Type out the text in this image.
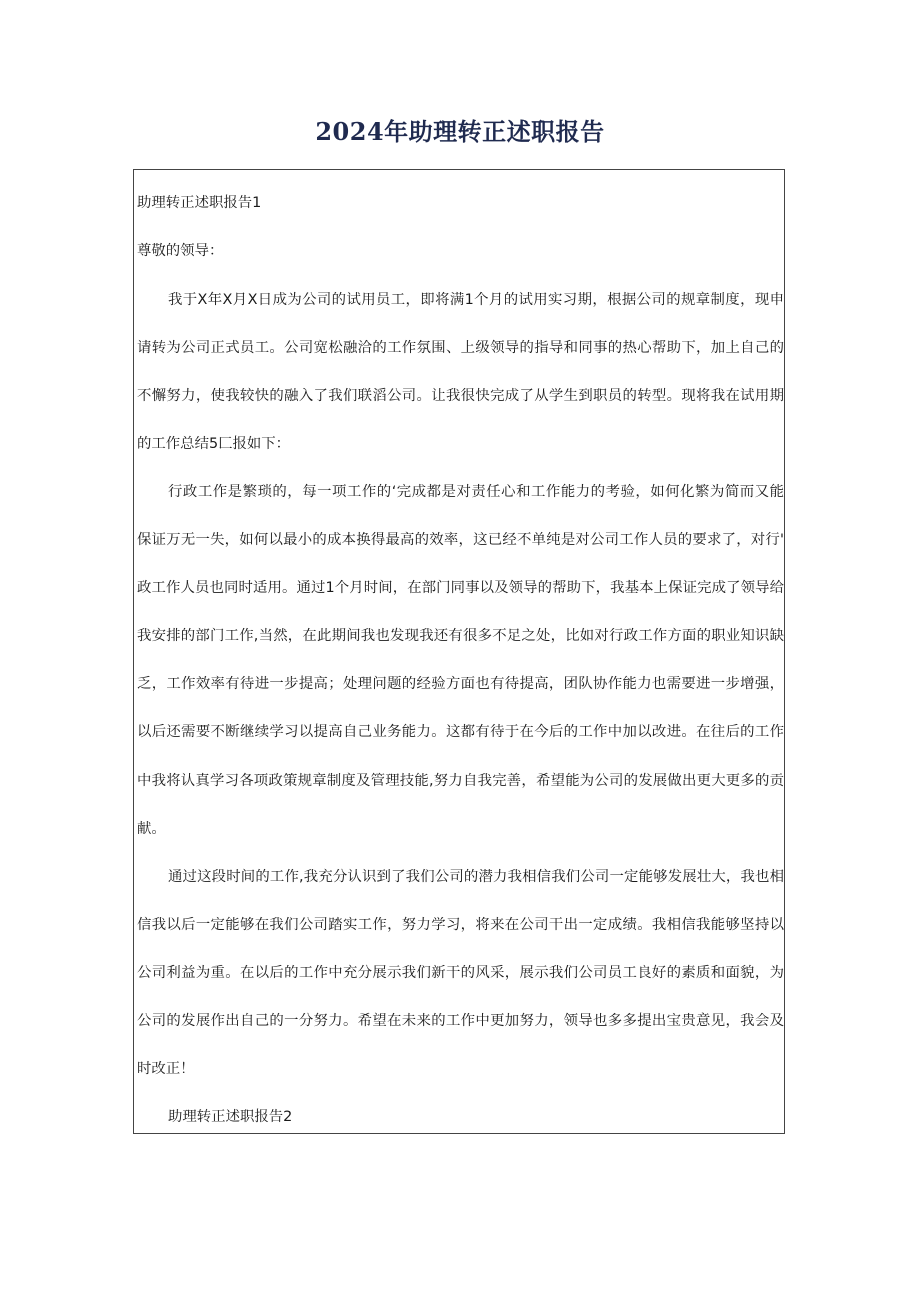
2024年助理转正述职报告
助理转正述职报告1
尊敬的领导：
我于X年X月X日成为公司的试用员工，即将满1个月的试用实习期，根据公司的规章制度，现申
请转为公司正式员工。公司宽松融洽的工作氛围、上级领导的指导和同事的热心帮助下，加上自己的
不懈努力，使我较快的融入了我们联滔公司。让我很快完成了从学生到职员的转型。现将我在试用期
的工作总结5匚报如下：
行政工作是繁琐的，每一项工作的‘完成都是对责任心和工作能力的考验，如何化繁为简而又能
保证万无一失，如何以最小的成本换得最高的效率，这已经不单纯是对公司工作人员的要求了，对行'
政工作人员也同时适用。通过1个月时间，在部门同事以及领导的帮助下，我基本上保证完成了领导给
我安排的部门工作,当然，在此期间我也发现我还有很多不足之处，比如对行政工作方面的职业知识缺
乏，工作效率有待进一步提高；处理问题的经验方面也有待提高，团队协作能力也需要进一步增强，
以后还需要不断继续学习以提高自己业务能力。这都有待于在今后的工作中加以改进。在往后的工作
中我将认真学习各项政策规章制度及管理技能,努力自我完善，希望能为公司的发展做出更大更多的贡
献。
通过这段时间的工作,我充分认识到了我们公司的潜力我相信我们公司一定能够发展壮大，我也相
信我以后一定能够在我们公司踏实工作，努力学习，将来在公司干出一定成绩。我相信我能够坚持以
公司利益为重。在以后的工作中充分展示我们新干的风采，展示我们公司员工良好的素质和面貌，为
公司的发展作出自己的一分努力。希望在未来的工作中更加努力，领导也多多提出宝贵意见，我会及
时改正！
助理转正述职报告2
